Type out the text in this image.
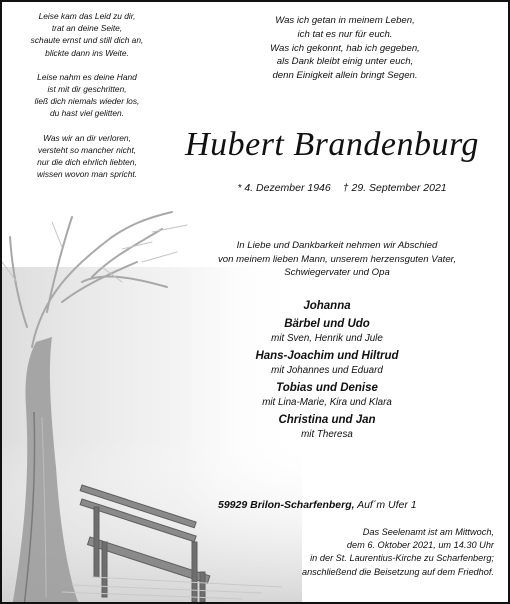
Leise kam das Leid zu dir,
trat an deine Seite,
schaute ernst und still dich an,
blickte dann ins Weite.
Leise nahm es deine Hand
ist mit dir geschritten,
ließ dich niemals wieder los,
du hast viel gelitten.
Was wir an dir verloren,
versteht so mancher nicht,
nur die dich ehrlich liebten,
wissen wovon man spricht.
Was ich getan in meinem Leben,
ich tat es nur für euch.
Was ich gekonnt, hab ich gegeben,
als Dank bleibt einig unter euch,
denn Einigkeit allein bringt Segen.
Hubert Brandenburg
* 4. Dezember 1946 † 29. September 2021
In Liebe und Dankbarkeit nehmen wir Abschied
von meinem lieben Mann, unserem herzensguten Vater,
Schwiegervater und Opa
Johanna
Bärbel und Udo
mit Sven, Henrik und Jule
Hans-Joachim und Hiltrud
mit Johannes und Eduard
Tobias und Denise
mit Lina-Marie, Kira und Klara
Christina und Jan
mit Theresa
59929 Brilon-Scharfenberg, Auf´m Ufer 1
Das Seelenamt ist am Mittwoch,
dem 6. Oktober 2021, um 14.30 Uhr
in der St. Laurentius-Kirche zu Scharfenberg;
anschließend die Beisetzung auf dem Friedhof.
